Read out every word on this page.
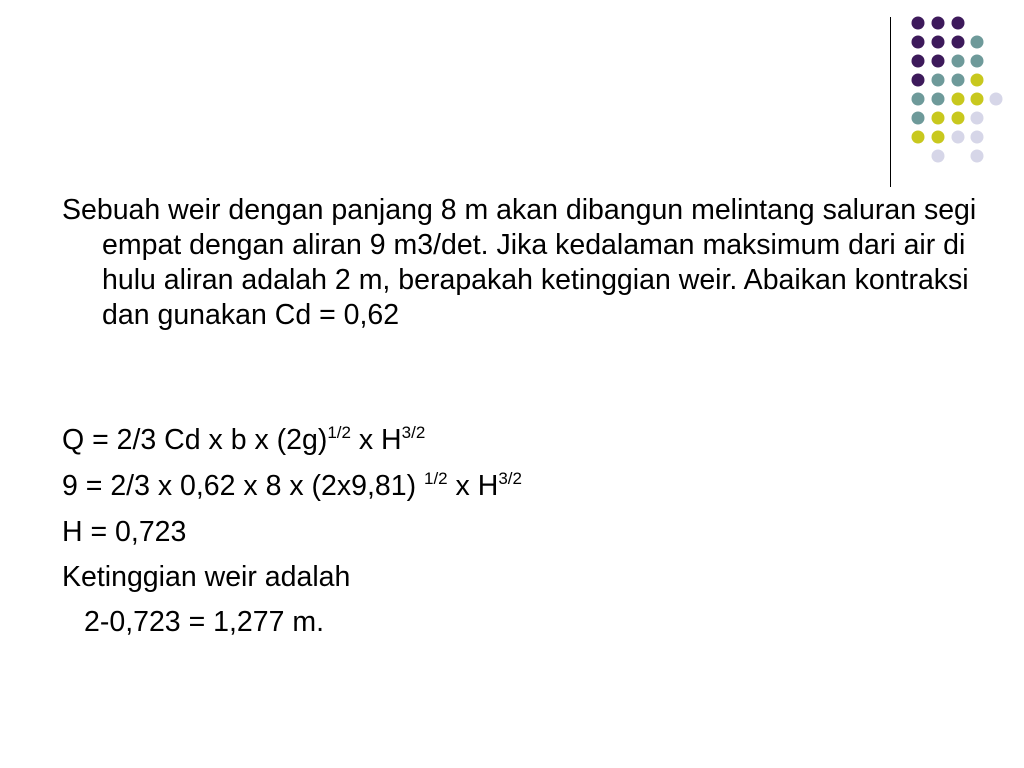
Sebuah weir dengan panjang 8 m akan dibangun melintang saluran segi empat dengan aliran 9 m3/det. Jika kedalaman maksimum dari air di hulu aliran adalah 2 m, berapakah ketinggian weir. Abaikan kontraksi dan gunakan Cd = 0,62

Q = 2/3 Cd x b x $(2g)^{1/2}$ x $H^{3/2}$
9 = 2/3 x 0,62 x 8 x (2x9,81) $^{1/2}$ x $H^{3/2}$
H = 0,723
Ketinggian weir adalah
2-0,723 = 1,277 m.
